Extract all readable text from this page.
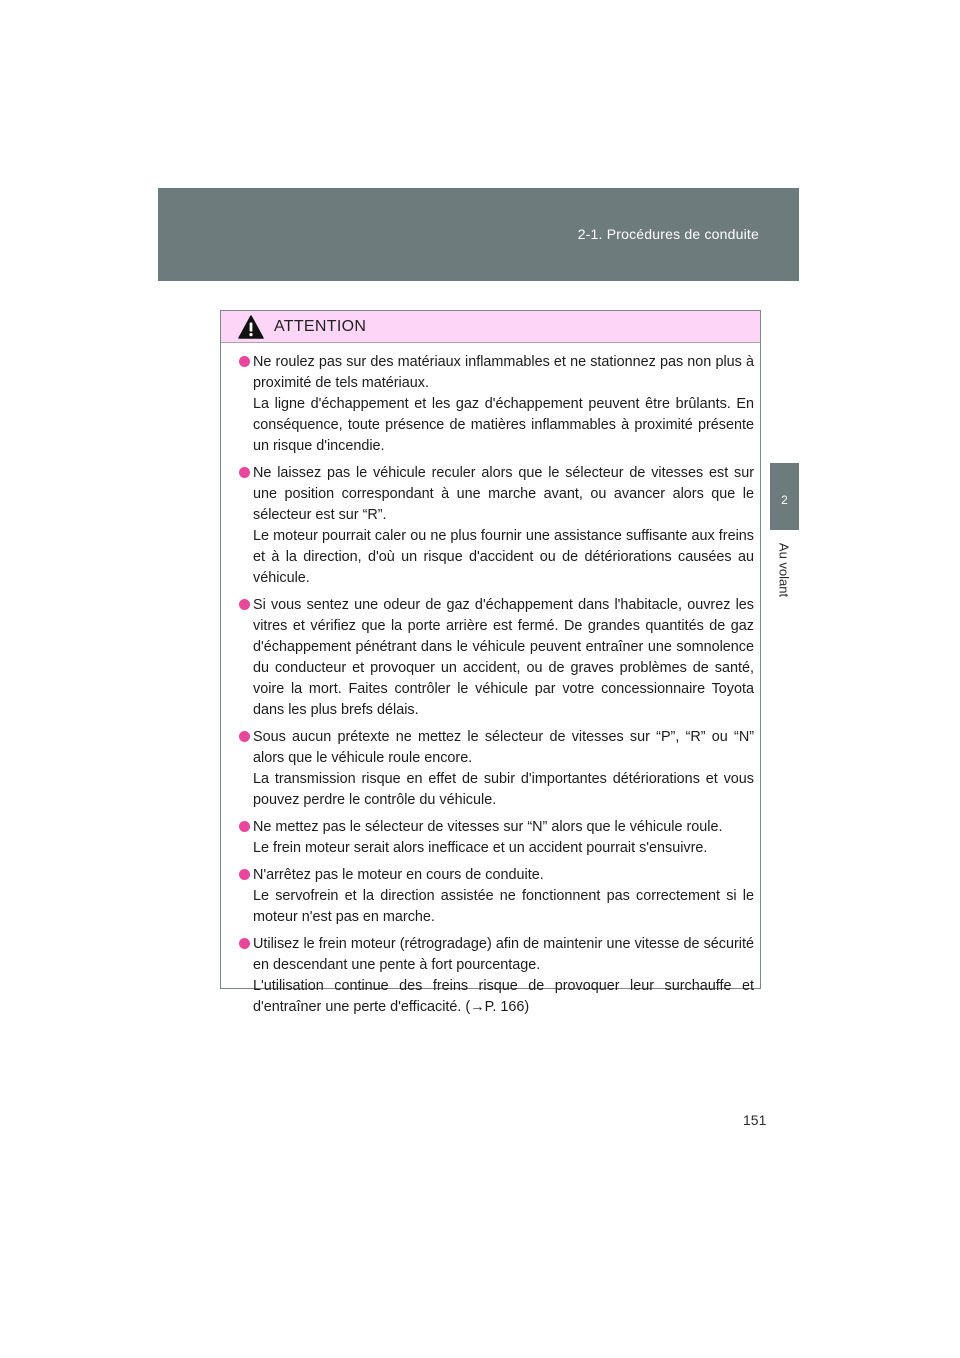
2-1. Procédures de conduite
2
Au volant
ATTENTION
Ne roulez pas sur des matériaux inflammables et ne stationnez pas non plus à proximité de tels matériaux.
La ligne d'échappement et les gaz d'échappement peuvent être brûlants. En conséquence, toute présence de matières inflammables à proximité présente un risque d'incendie.
Ne laissez pas le véhicule reculer alors que le sélecteur de vitesses est sur une position correspondant à une marche avant, ou avancer alors que le sélecteur est sur “R”.
Le moteur pourrait caler ou ne plus fournir une assistance suffisante aux freins et à la direction, d'où un risque d'accident ou de détériorations causées au véhicule.
Si vous sentez une odeur de gaz d'échappement dans l'habitacle, ouvrez les vitres et vérifiez que la porte arrière est fermé. De grandes quantités de gaz d'échappement pénétrant dans le véhicule peuvent entraîner une somnolence du conducteur et provoquer un accident, ou de graves problèmes de santé, voire la mort. Faites contrôler le véhicule par votre concessionnaire Toyota dans les plus brefs délais.
Sous aucun prétexte ne mettez le sélecteur de vitesses sur “P”, “R” ou “N” alors que le véhicule roule encore.
La transmission risque en effet de subir d'importantes détériorations et vous pouvez perdre le contrôle du véhicule.
Ne mettez pas le sélecteur de vitesses sur “N” alors que le véhicule roule.
Le frein moteur serait alors inefficace et un accident pourrait s'ensuivre.
N'arrêtez pas le moteur en cours de conduite.
Le servofrein et la direction assistée ne fonctionnent pas correctement si le moteur n'est pas en marche.
Utilisez le frein moteur (rétrogradage) afin de maintenir une vitesse de sécurité en descendant une pente à fort pourcentage.
L'utilisation continue des freins risque de provoquer leur surchauffe et d'entraîner une perte d'efficacité. (→P. 166)
151
